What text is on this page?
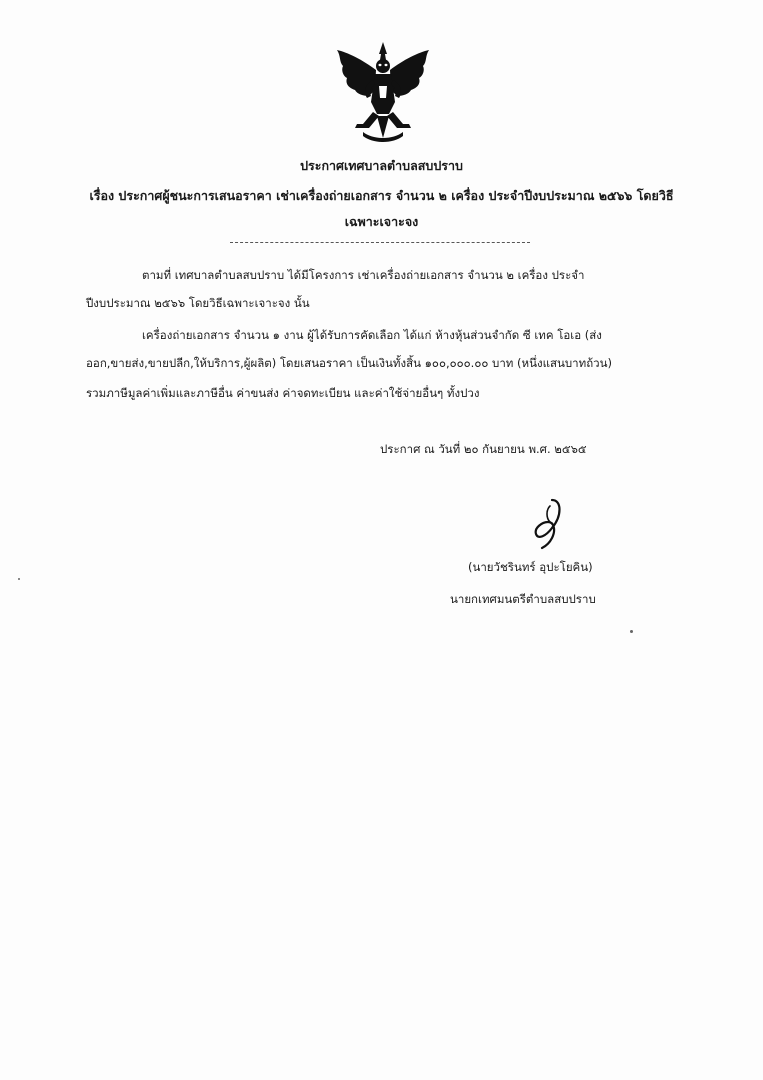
ประกาศเทศบาลตำบลสบปราบ
เรื่อง ประกาศผู้ชนะการเสนอราคา เช่าเครื่องถ่ายเอกสาร จำนวน ๒ เครื่อง ประจำปีงบประมาณ ๒๕๖๖ โดยวิธี
เฉพาะเจาะจง
ตามที่ เทศบาลตำบลสบปราบ ได้มีโครงการ เช่าเครื่องถ่ายเอกสาร จำนวน ๒ เครื่อง ประจำ
ปีงบประมาณ ๒๕๖๖ โดยวิธีเฉพาะเจาะจง นั้น
เครื่องถ่ายเอกสาร จำนวน ๑ งาน ผู้ได้รับการคัดเลือก ได้แก่ ห้างหุ้นส่วนจำกัด ซี เทค โอเอ (ส่ง
ออก,ขายส่ง,ขายปลีก,ให้บริการ,ผู้ผลิต) โดยเสนอราคา เป็นเงินทั้งสิ้น ๑๐๐,๐๐๐.๐๐ บาท (หนึ่งแสนบาทถ้วน)
รวมภาษีมูลค่าเพิ่มและภาษีอื่น ค่าขนส่ง ค่าจดทะเบียน และค่าใช้จ่ายอื่นๆ ทั้งปวง
ประกาศ ณ วันที่ ๒๐ กันยายน พ.ศ. ๒๕๖๕
(นายวัชรินทร์ อุปะโยคิน)
นายกเทศมนตรีตำบลสบปราบ
